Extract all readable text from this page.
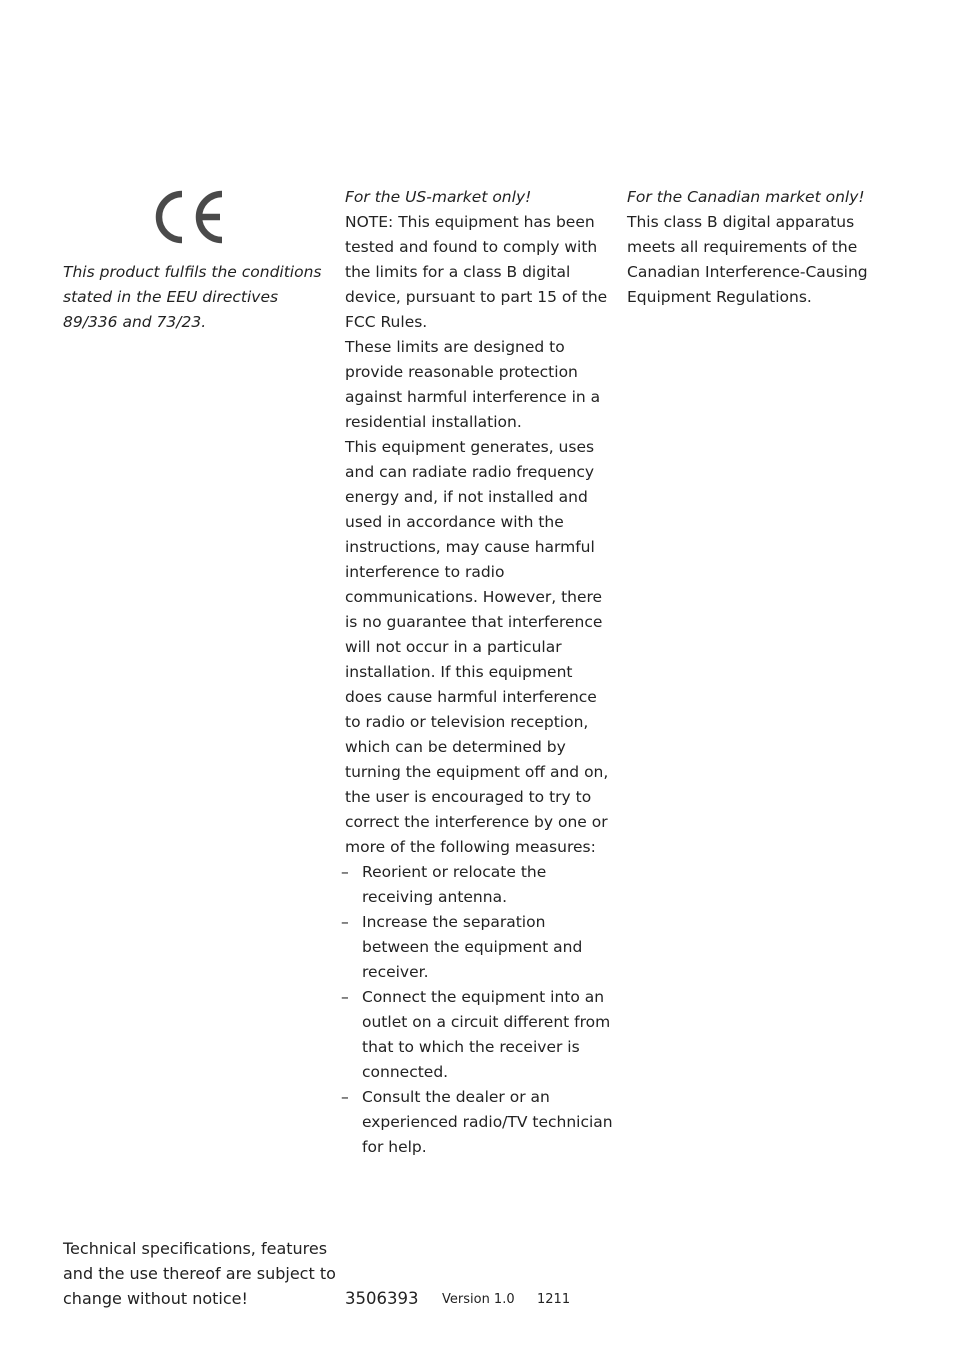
This product fulfils the conditions stated in the EEU directives 89/336 and 73/23.

For the US-market only!

NOTE: This equipment has been tested and found to comply with the limits for a class B digital device, pursuant to part 15 of the FCC Rules.

These limits are designed to provide reasonable protection against harmful interference in a residential installation.

This equipment generates, uses and can radiate radio frequency energy and, if not installed and used in accordance with the instructions, may cause harmful interference to radio communications. However, there is no guarantee that interference will not occur in a particular installation. If this equipment does cause harmful interference to radio or television reception, which can be determined by turning the equipment off and on, the user is encouraged to try to correct the interference by one or more of the following measures:

– Reorient or relocate the receiving antenna.
– Increase the separation between the equipment and receiver.
– Connect the equipment into an outlet on a circuit different from that to which the receiver is connected.
– Consult the dealer or an experienced radio/TV technician for help.

For the Canadian market only!

This class B digital apparatus meets all requirements of the Canadian Interference-Causing Equipment Regulations.

Technical specifications, features and the use thereof are subject to change without notice!	3506393 Version 1.0 1211
